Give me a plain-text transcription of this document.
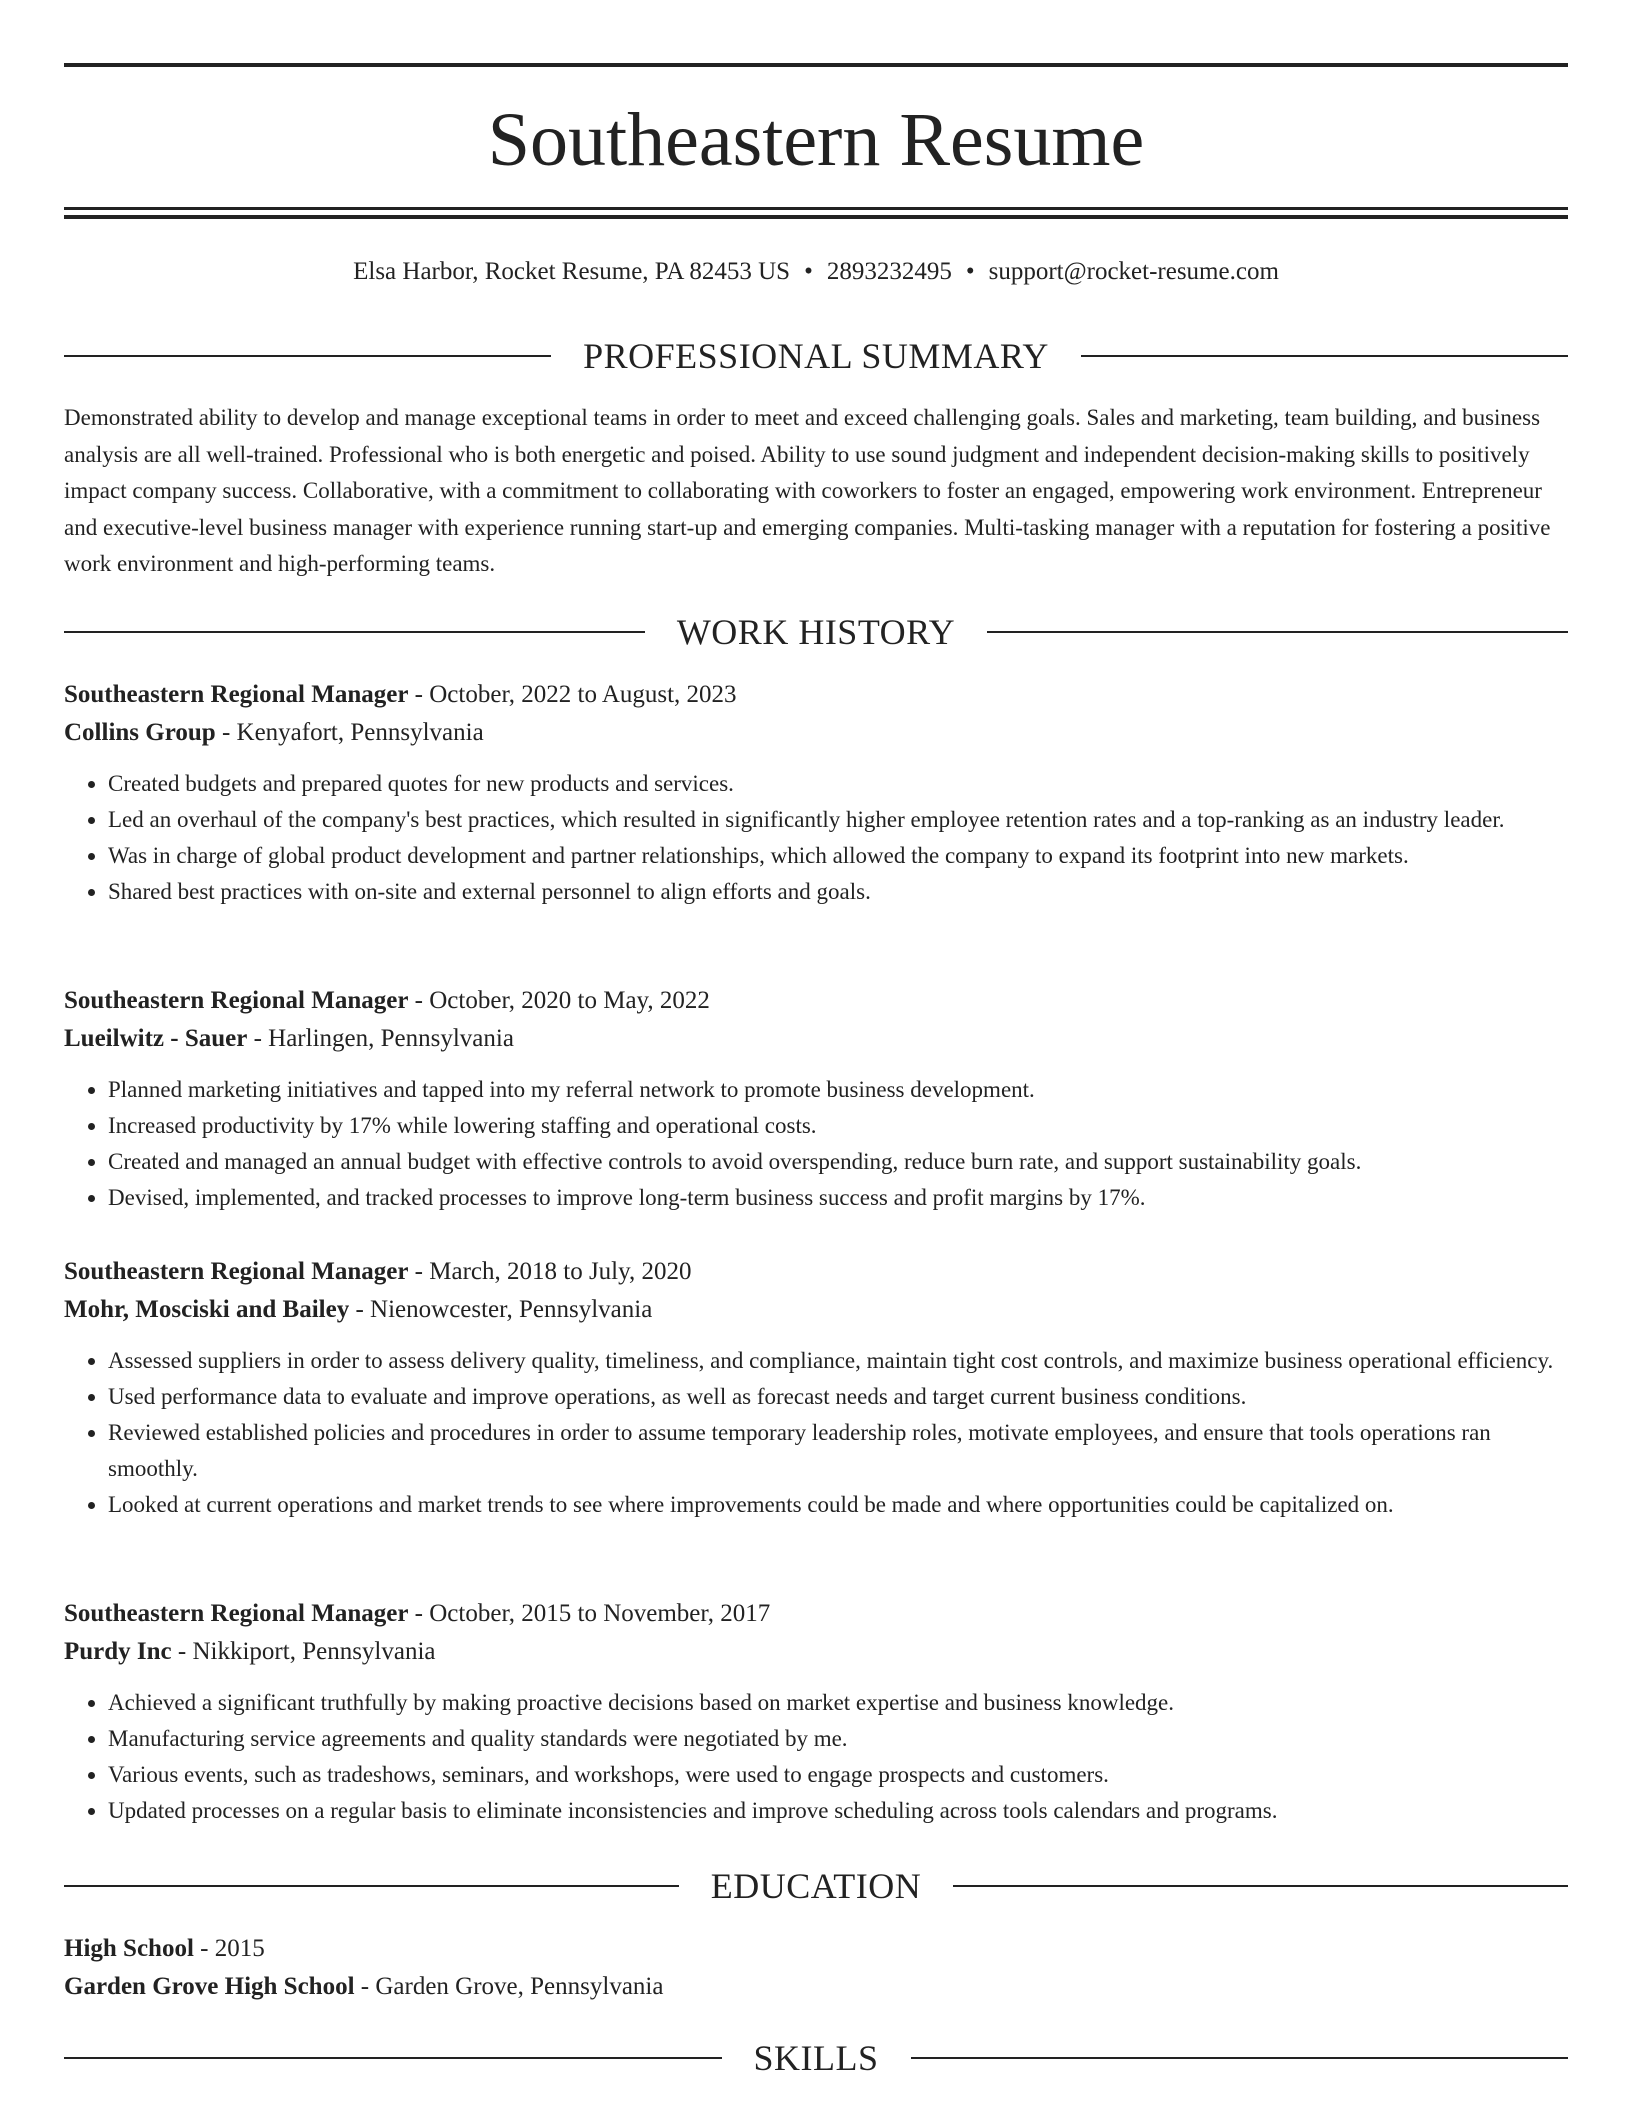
Southeastern Resume
Elsa Harbor, Rocket Resume, PA 82453 US • 2893232495 • support@rocket-resume.com
PROFESSIONAL SUMMARY

Demonstrated ability to develop and manage exceptional teams in order to meet and exceed challenging goals. Sales and marketing, team building, and business analysis are all well-trained. Professional who is both energetic and poised. Ability to use sound judgment and independent decision-making skills to positively impact company success. Collaborative, with a commitment to collaborating with coworkers to foster an engaged, empowering work environment. Entrepreneur and executive-level business manager with experience running start-up and emerging companies. Multi-tasking manager with a reputation for fostering a positive work environment and high-performing teams.

WORK HISTORY

Southeastern Regional Manager - October, 2022 to August, 2023

Collins Group - Kenyafort, Pennsylvania

• Created budgets and prepared quotes for new products and services.
• Led an overhaul of the company's best practices, which resulted in significantly higher employee retention rates and a top-ranking as an industry leader.
• Was in charge of global product development and partner relationships, which allowed the company to expand its footprint into new markets.
• Shared best practices with on-site and external personnel to align efforts and goals.

Southeastern Regional Manager - October, 2020 to May, 2022

Lueilwitz - Sauer - Harlingen, Pennsylvania

• Planned marketing initiatives and tapped into my referral network to promote business development.
• Increased productivity by 17% while lowering staffing and operational costs.
• Created and managed an annual budget with effective controls to avoid overspending, reduce burn rate, and support sustainability goals.
• Devised, implemented, and tracked processes to improve long-term business success and profit margins by 17%.

Southeastern Regional Manager - March, 2018 to July, 2020

Mohr, Mosciski and Bailey - Nienowcester, Pennsylvania

• Assessed suppliers in order to assess delivery quality, timeliness, and compliance, maintain tight cost controls, and maximize business operational efficiency.
• Used performance data to evaluate and improve operations, as well as forecast needs and target current business conditions.
• Reviewed established policies and procedures in order to assume temporary leadership roles, motivate employees, and ensure that tools operations ran smoothly.
• Looked at current operations and market trends to see where improvements could be made and where opportunities could be capitalized on.

Southeastern Regional Manager - October, 2015 to November, 2017

Purdy Inc - Nikkiport, Pennsylvania

• Achieved a significant truthfully by making proactive decisions based on market expertise and business knowledge.
• Manufacturing service agreements and quality standards were negotiated by me.
• Various events, such as tradeshows, seminars, and workshops, were used to engage prospects and customers.
• Updated processes on a regular basis to eliminate inconsistencies and improve scheduling across tools calendars and programs.
EDUCATION

High School - 2015

Garden Grove High School - Garden Grove, Pennsylvania

SKILLS
